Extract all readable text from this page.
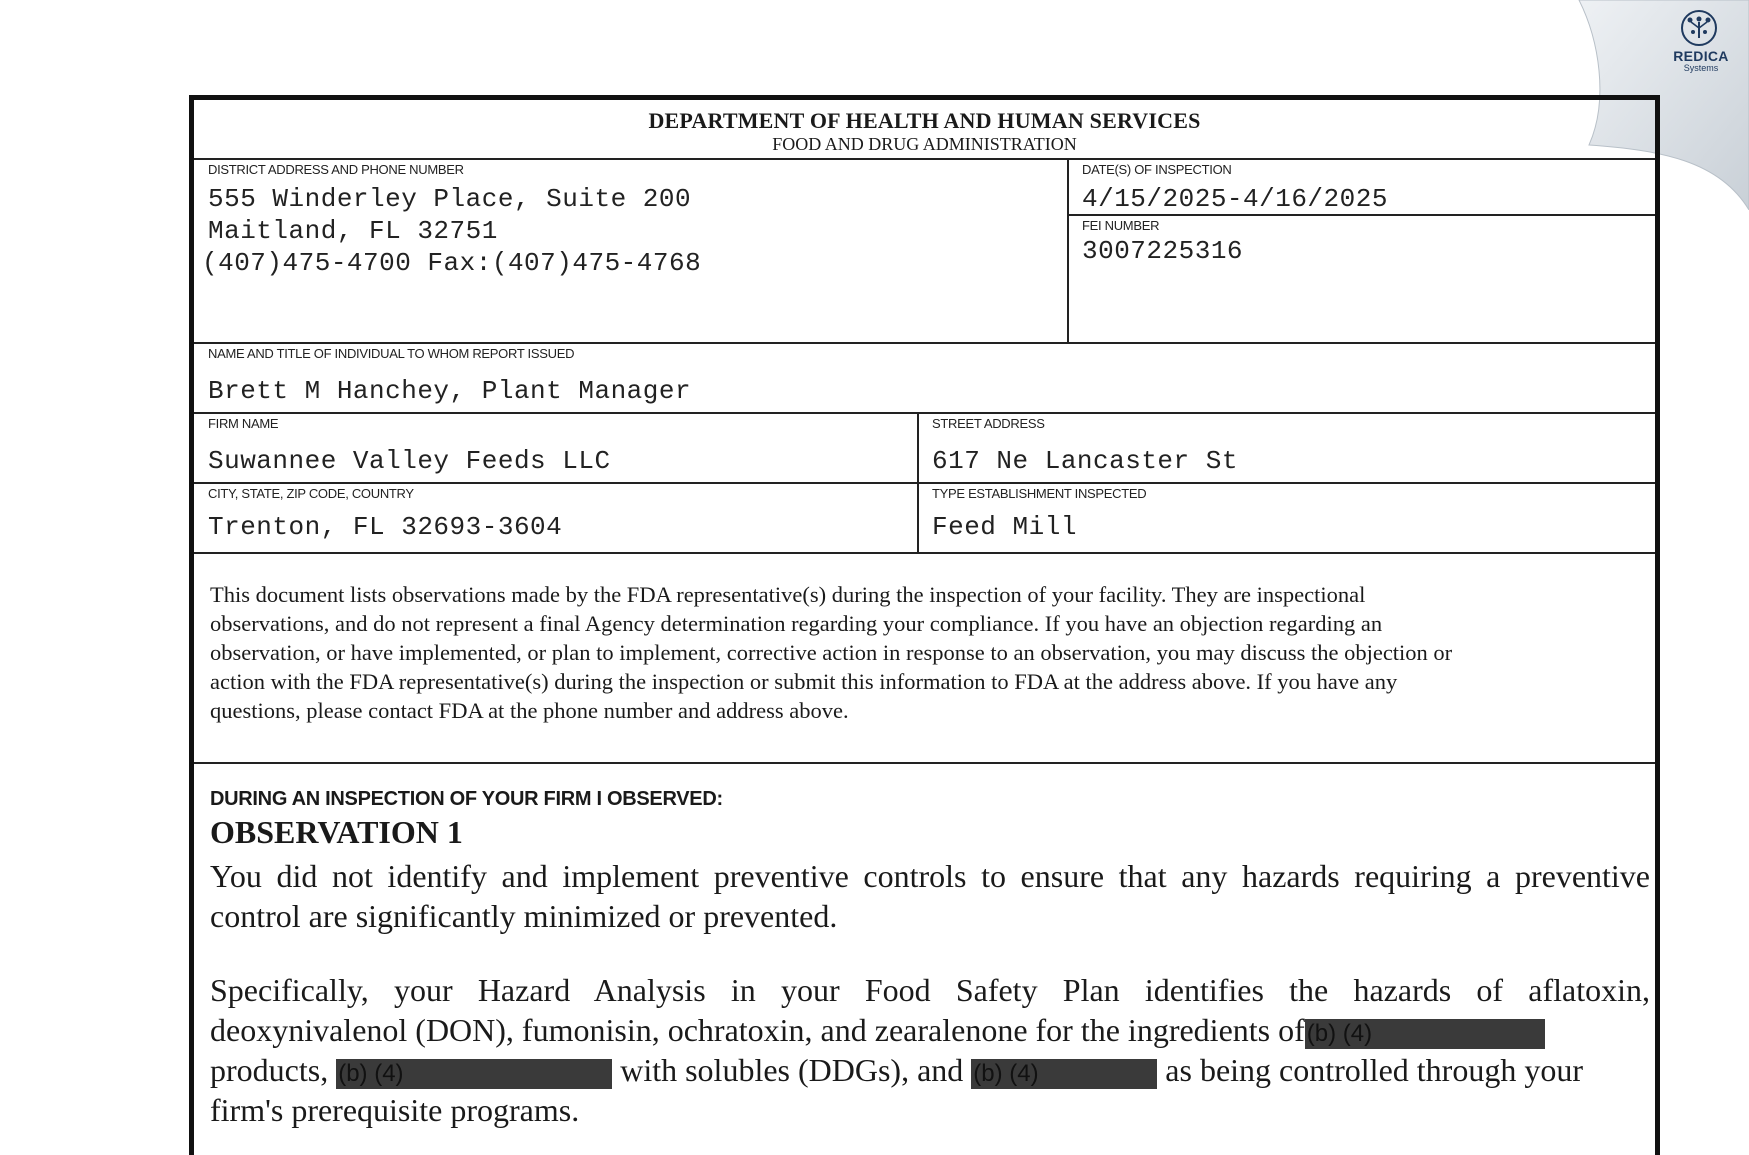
REDICA
Systems
DEPARTMENT OF HEALTH AND HUMAN SERVICES
FOOD AND DRUG ADMINISTRATION
DISTRICT ADDRESS AND PHONE NUMBER
555 Winderley Place, Suite 200
Maitland, FL 32751
(407)475-4700 Fax:(407)475-4768
DATE(S) OF INSPECTION
4/15/2025-4/16/2025
FEI NUMBER
3007225316
NAME AND TITLE OF INDIVIDUAL TO WHOM REPORT ISSUED
Brett M Hanchey, Plant Manager
FIRM NAME
Suwannee Valley Feeds LLC
STREET ADDRESS
617 Ne Lancaster St
CITY, STATE, ZIP CODE, COUNTRY
Trenton, FL 32693-3604
TYPE ESTABLISHMENT INSPECTED
Feed Mill
This document lists observations made by the FDA representative(s) during the inspection of your facility. They are inspectional
observations, and do not represent a final Agency determination regarding your compliance. If you have an objection regarding an
observation, or have implemented, or plan to implement, corrective action in response to an observation, you may discuss the objection or
action with the FDA representative(s) during the inspection or submit this information to FDA at the address above. If you have any
questions, please contact FDA at the phone number and address above.
DURING AN INSPECTION OF YOUR FIRM I OBSERVED:
OBSERVATION 1
You did not identify and implement preventive controls to ensure that any hazards requiring a preventive
control are significantly minimized or prevented.
Specifically, your Hazard Analysis in your Food Safety Plan identifies the hazards of aflatoxin,
deoxynivalenol (DON), fumonisin, ochratoxin, and zearalenone for the ingredients of(b) (4)
products, (b) (4)	with solubles (DDGs), and (b) (4)	as being controlled through your
firm's prerequisite programs.
